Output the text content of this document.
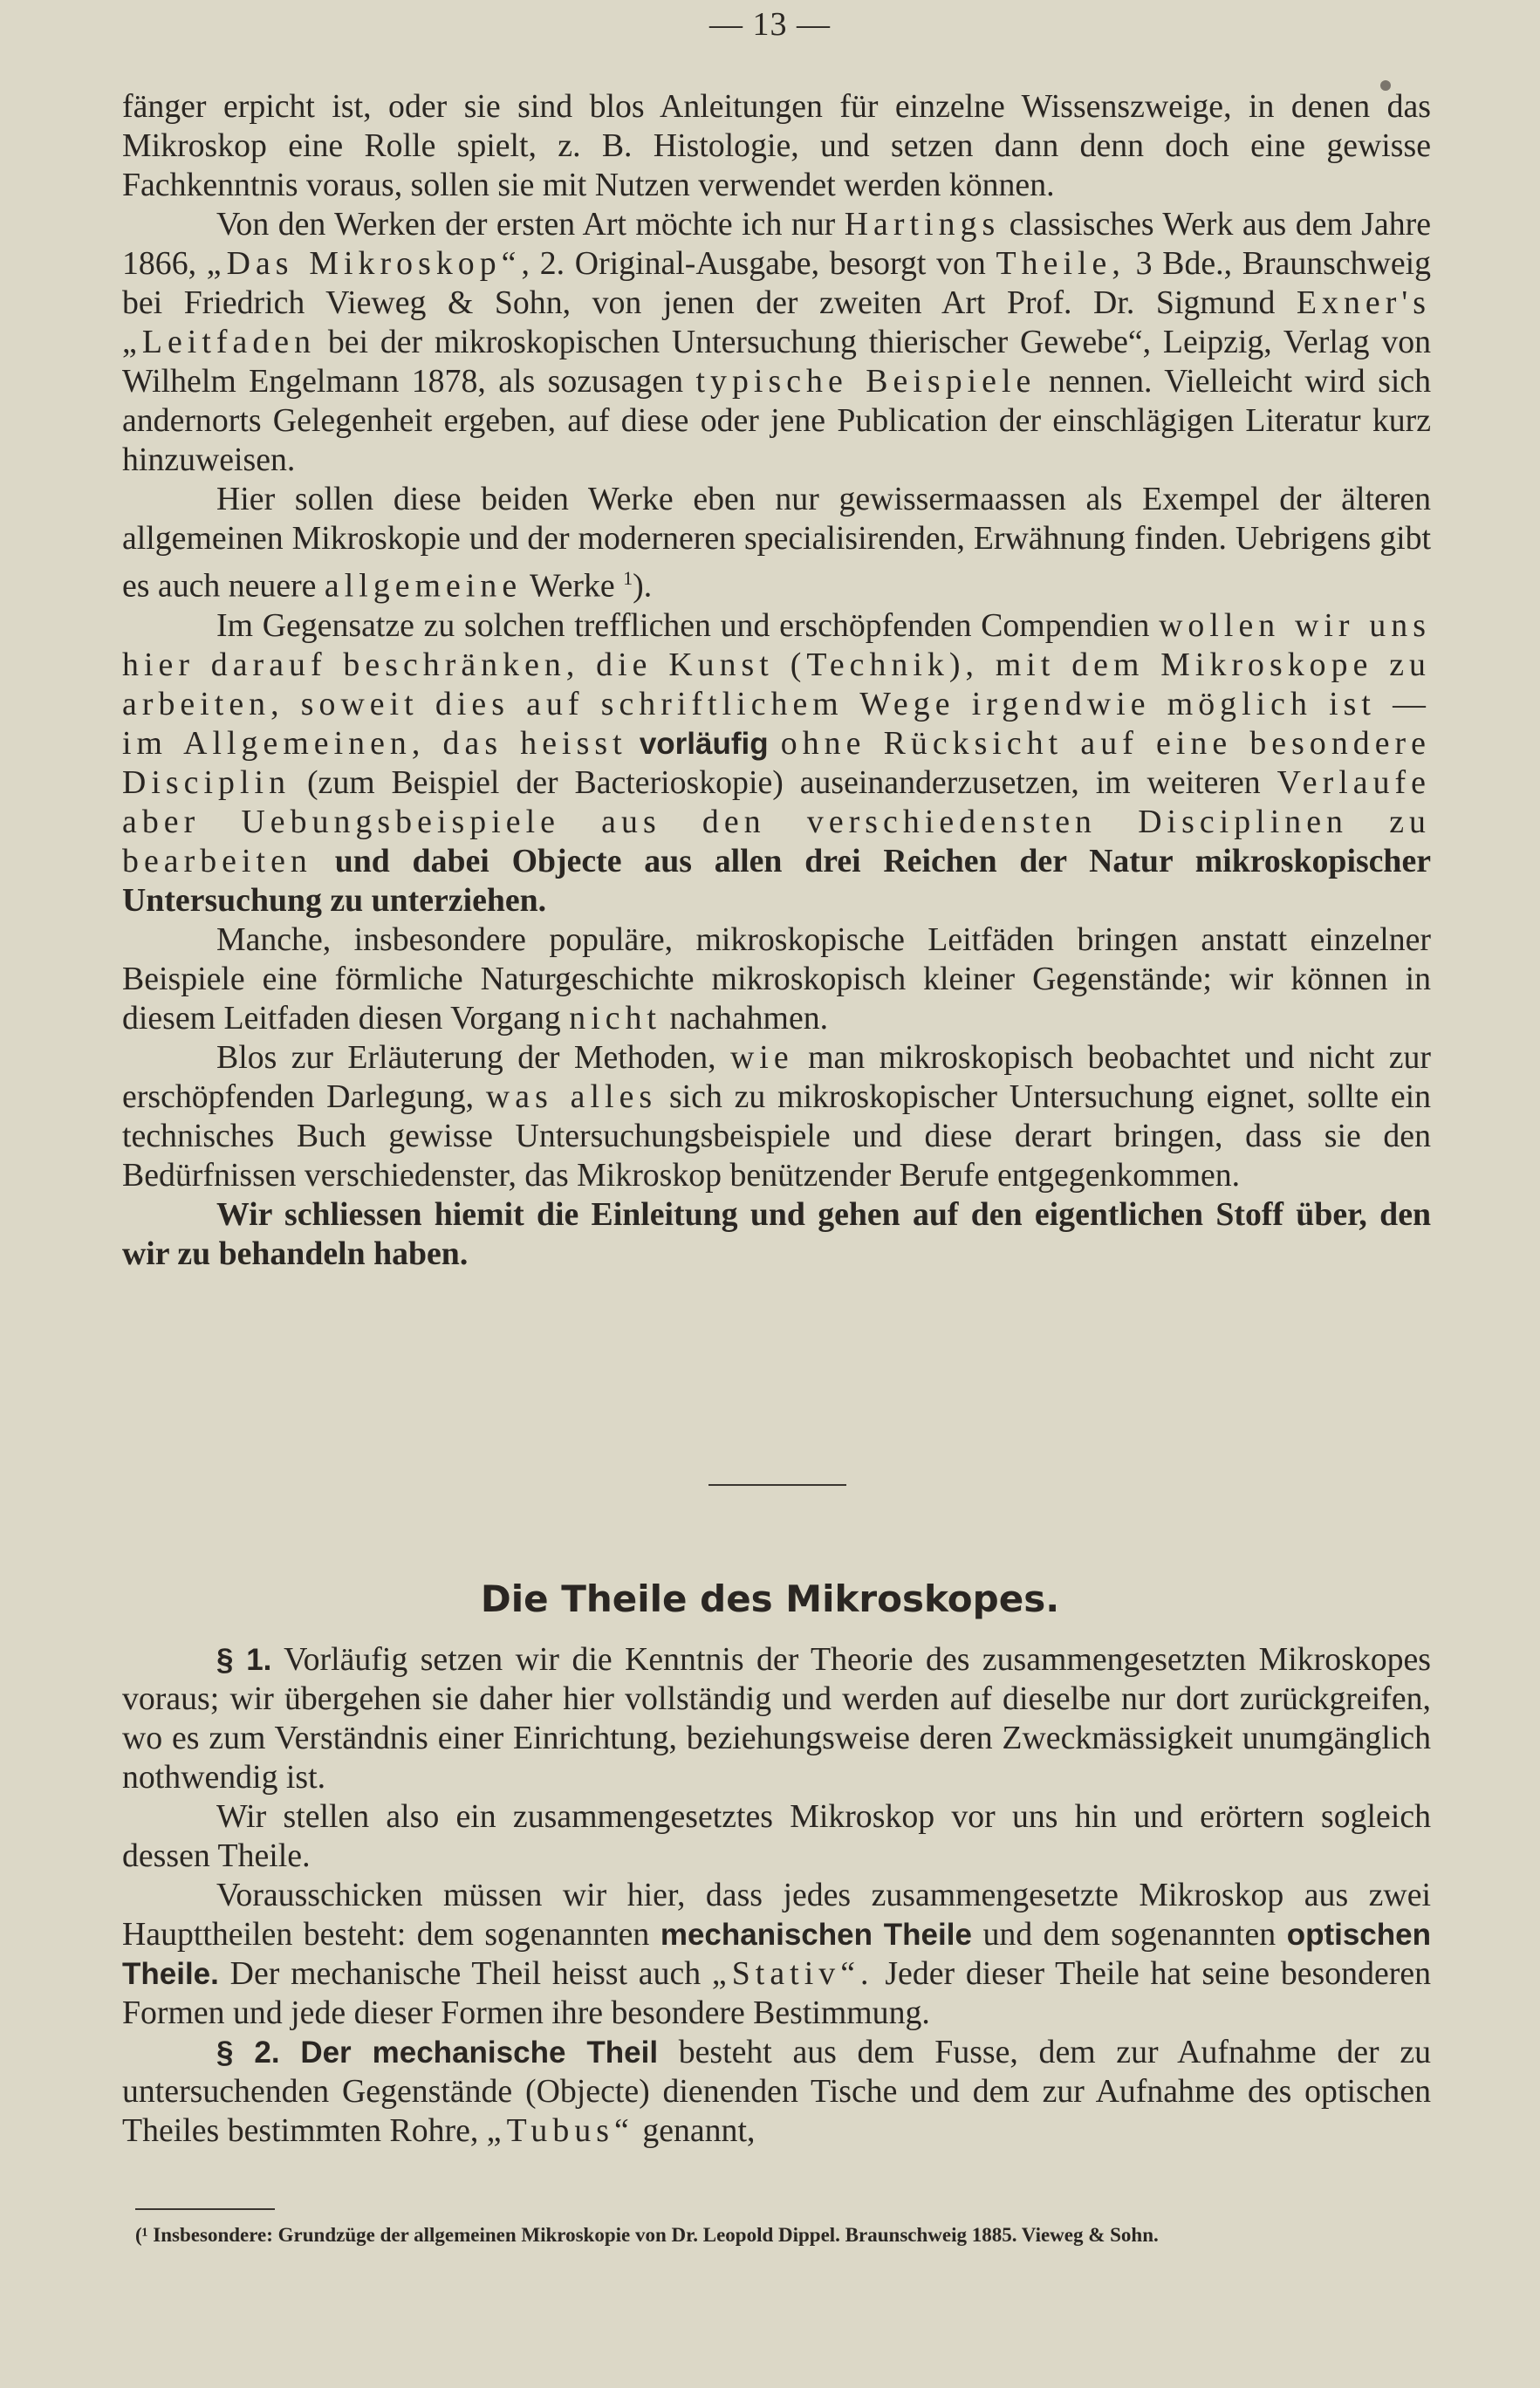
— 13 —

fänger erpicht ist, oder sie sind blos Anleitungen für einzelne Wissenszweige, in denen das Mikroskop eine Rolle spielt, z. B. Histologie, und setzen dann denn doch eine gewisse Fachkenntnis voraus, sollen sie mit Nutzen verwendet werden können.

Von den Werken der ersten Art möchte ich nur Hartings classisches Werk aus dem Jahre 1866, „Das Mikroskop“, 2. Original-Ausgabe, besorgt von Theile, 3 Bde., Braunschweig bei Friedrich Vieweg & Sohn, von jenen der zweiten Art Prof. Dr. Sigmund Exner's „Leitfaden bei der mikroskopischen Untersuchung thierischer Gewebe“, Leipzig, Verlag von Wilhelm Engelmann 1878, als sozusagen typische Beispiele nennen. Vielleicht wird sich andernorts Gelegenheit ergeben, auf diese oder jene Publication der einschlägigen Literatur kurz hinzuweisen.

Hier sollen diese beiden Werke eben nur gewissermaassen als Exempel der älteren allgemeinen Mikroskopie und der moderneren specialisirenden, Erwähnung finden. Uebrigens gibt es auch neuere allgemeine Werke $^1$).

Im Gegensatze zu solchen trefflichen und erschöpfenden Compendien wollen wir uns hier darauf beschränken, die Kunst (Technik), mit dem Mikroskope zu arbeiten, soweit dies auf schriftlichem Wege irgendwie möglich ist — im Allgemeinen, das heisst vorläufig ohne Rücksicht auf eine besondere Disciplin (zum Beispiel der Bacterioskopie) auseinanderzusetzen, im weiteren Verlaufe aber Uebungsbeispiele aus den verschiedensten Disciplinen zu bearbeiten und dabei Objecte aus allen drei Reichen der Natur mikroskopischer Untersuchung zu unterziehen.

Manche, insbesondere populäre, mikroskopische Leitfäden bringen anstatt einzelner Beispiele eine förmliche Naturgeschichte mikroskopisch kleiner Gegenstände; wir können in diesem Leitfaden diesen Vorgang nicht nachahmen.

Blos zur Erläuterung der Methoden, wie man mikroskopisch beobachtet und nicht zur erschöpfenden Darlegung, was alles sich zu mikroskopischer Untersuchung eignet, sollte ein technisches Buch gewisse Untersuchungsbeispiele und diese derart bringen, dass sie den Bedürfnissen verschiedenster, das Mikroskop benützender Berufe entgegenkommen.

Wir schliessen hiemit die Einleitung und gehen auf den eigentlichen Stoff über, den wir zu behandeln haben.

Die Theile des Mikroskopes.

§ 1. Vorläufig setzen wir die Kenntnis der Theorie des zusammengesetzten Mikroskopes voraus; wir übergehen sie daher hier vollständig und werden auf dieselbe nur dort zurückgreifen, wo es zum Verständnis einer Einrichtung, beziehungsweise deren Zweckmässigkeit unumgänglich nothwendig ist.

Wir stellen also ein zusammengesetztes Mikroskop vor uns hin und erörtern sogleich dessen Theile.

Vorausschicken müssen wir hier, dass jedes zusammengesetzte Mikroskop aus zwei Haupttheilen besteht: dem sogenannten mechanischen Theile und dem sogenannten optischen Theile. Der mechanische Theil heisst auch „Stativ“. Jeder dieser Theile hat seine besonderen Formen und jede dieser Formen ihre besondere Bestimmung.

§ 2. Der mechanische Theil besteht aus dem Fusse, dem zur Aufnahme der zu untersuchenden Gegenstände (Objecte) dienenden Tische und dem zur Aufnahme des optischen Theiles bestimmten Rohre, „Tubus“ genannt,

(¹ Insbesondere: Grundzüge der allgemeinen Mikroskopie von Dr. Leopold Dippel. Braunschweig 1885. Vieweg & Sohn.
